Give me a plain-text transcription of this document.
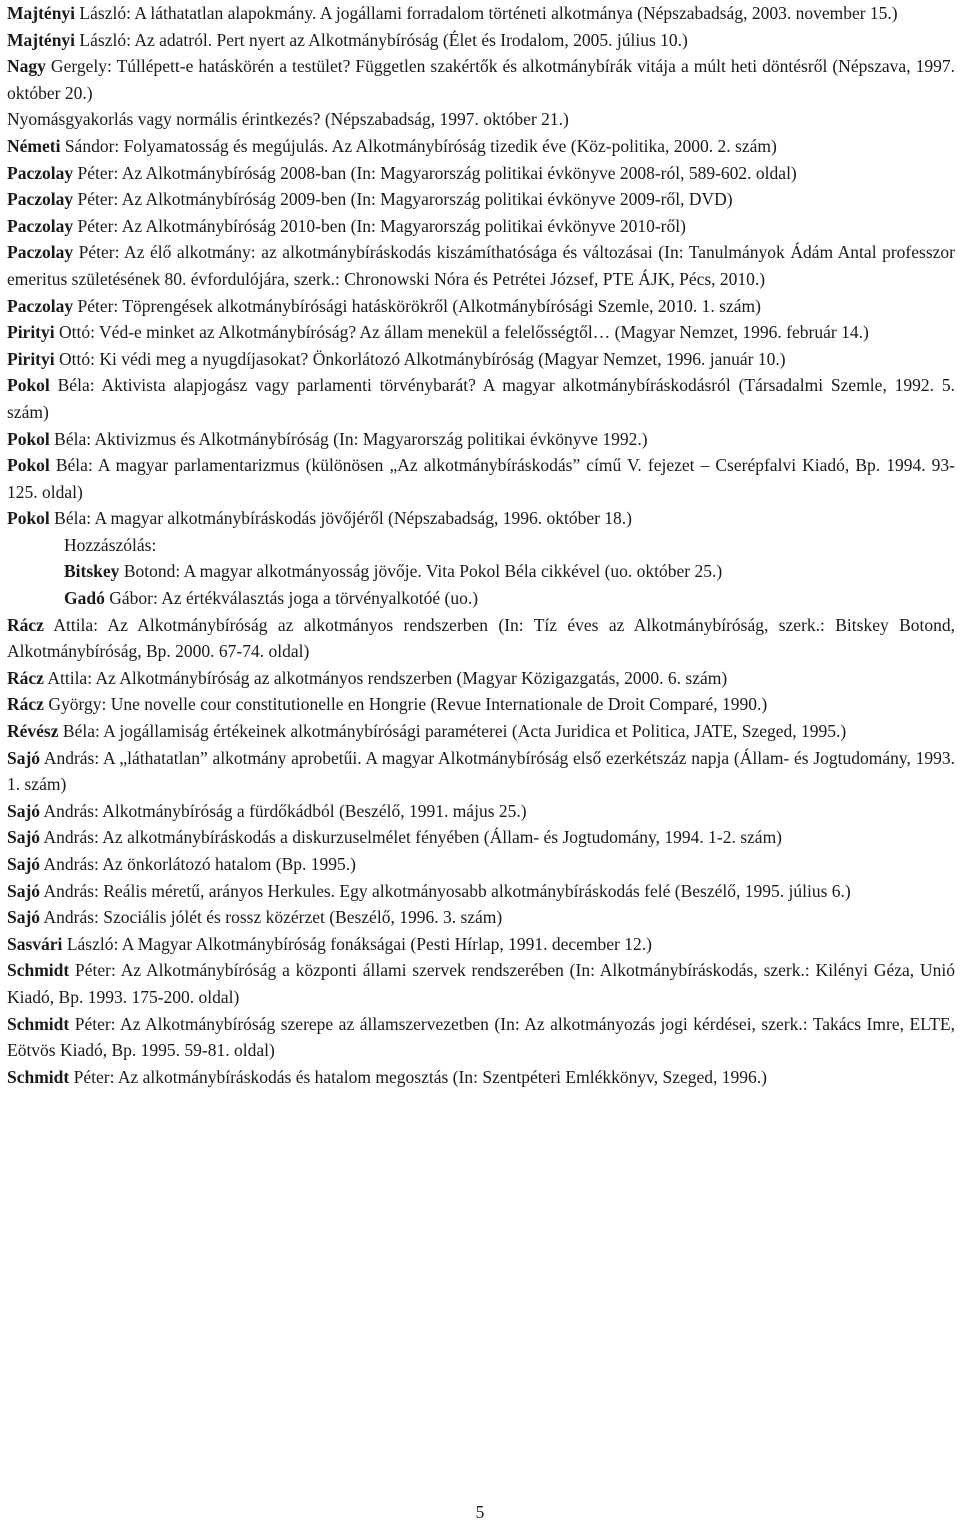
Majtényi László: A láthatatlan alapokmány. A jogállami forradalom történeti alkotmánya (Népszabadság, 2003. november 15.)

Majtényi László: Az adatról. Pert nyert az Alkotmánybíróság (Élet és Irodalom, 2005. július 10.)

Nagy Gergely: Túllépett-e hatáskörén a testület? Független szakértők és alkotmánybírák vitája a múlt heti döntésről (Népszava, 1997. október 20.)

Nyomásgyakorlás vagy normális érintkezés? (Népszabadság, 1997. október 21.)

Németi Sándor: Folyamatosság és megújulás. Az Alkotmánybíróság tizedik éve (Köz-politika, 2000. 2. szám)

Paczolay Péter: Az Alkotmánybíróság 2008-ban (In: Magyarország politikai évkönyve 2008-ról, 589-602. oldal)

Paczolay Péter: Az Alkotmánybíróság 2009-ben (In: Magyarország politikai évkönyve 2009-ről, DVD)

Paczolay Péter: Az Alkotmánybíróság 2010-ben (In: Magyarország politikai évkönyve 2010-ről)

Paczolay Péter: Az élő alkotmány: az alkotmánybíráskodás kiszámíthatósága és változásai (In: Tanulmányok Ádám Antal professzor emeritus születésének 80. évfordulójára, szerk.: Chronowski Nóra és Petrétei József, PTE ÁJK, Pécs, 2010.)

Paczolay Péter: Töprengések alkotmánybírósági hatáskörökről (Alkotmánybírósági Szemle, 2010. 1. szám)

Pirityi Ottó: Véd-e minket az Alkotmánybíróság? Az állam menekül a felelősségtől… (Magyar Nemzet, 1996. február 14.)

Pirityi Ottó: Ki védi meg a nyugdíjasokat? Önkorlátozó Alkotmánybíróság (Magyar Nemzet, 1996. január 10.)

Pokol Béla: Aktivista alapjogász vagy parlamenti törvénybarát? A magyar alkotmánybíráskodásról (Társadalmi Szemle, 1992. 5. szám)

Pokol Béla: Aktivizmus és Alkotmánybíróság (In: Magyarország politikai évkönyve 1992.)

Pokol Béla: A magyar parlamentarizmus (különösen „Az alkotmánybíráskodás” című V. fejezet – Cserépfalvi Kiadó, Bp. 1994. 93-125. oldal)

Pokol Béla: A magyar alkotmánybíráskodás jövőjéről (Népszabadság, 1996. október 18.)

Hozzászólás:

Bitskey Botond: A magyar alkotmányosság jövője. Vita Pokol Béla cikkével (uo. október 25.)

Gadó Gábor: Az értékválasztás joga a törvényalkotóé (uo.)

Rácz Attila: Az Alkotmánybíróság az alkotmányos rendszerben (In: Tíz éves az Alkotmánybíróság, szerk.: Bitskey Botond, Alkotmánybíróság, Bp. 2000. 67-74. oldal)

Rácz Attila: Az Alkotmánybíróság az alkotmányos rendszerben (Magyar Közigazgatás, 2000. 6. szám)

Rácz György: Une novelle cour constitutionelle en Hongrie (Revue Internationale de Droit Comparé, 1990.)

Révész Béla: A jogállamiság értékeinek alkotmánybírósági paraméterei (Acta Juridica et Politica, JATE, Szeged, 1995.)

Sajó András: A „láthatatlan” alkotmány aprobetűi. A magyar Alkotmánybíróság első ezerkétszáz napja (Állam- és Jogtudomány, 1993. 1. szám)

Sajó András: Alkotmánybíróság a fürdőkádból (Beszélő, 1991. május 25.)

Sajó András: Az alkotmánybíráskodás a diskurzuselmélet fényében (Állam- és Jogtudomány, 1994. 1-2. szám)

Sajó András: Az önkorlátozó hatalom (Bp. 1995.)

Sajó András: Reális méretű, arányos Herkules. Egy alkotmányosabb alkotmánybíráskodás felé (Beszélő, 1995. július 6.)

Sajó András: Szociális jólét és rossz közérzet (Beszélő, 1996. 3. szám)

Sasvári László: A Magyar Alkotmánybíróság fonákságai (Pesti Hírlap, 1991. december 12.)

Schmidt Péter: Az Alkotmánybíróság a központi állami szervek rendszerében (In: Alkotmánybíráskodás, szerk.: Kilényi Géza, Unió Kiadó, Bp. 1993. 175-200. oldal)

Schmidt Péter: Az Alkotmánybíróság szerepe az államszervezetben (In: Az alkotmányozás jogi kérdései, szerk.: Takács Imre, ELTE, Eötvös Kiadó, Bp. 1995. 59-81. oldal)

Schmidt Péter: Az alkotmánybíráskodás és hatalom megosztás (In: Szentpéteri Emlékkönyv, Szeged, 1996.)

5
